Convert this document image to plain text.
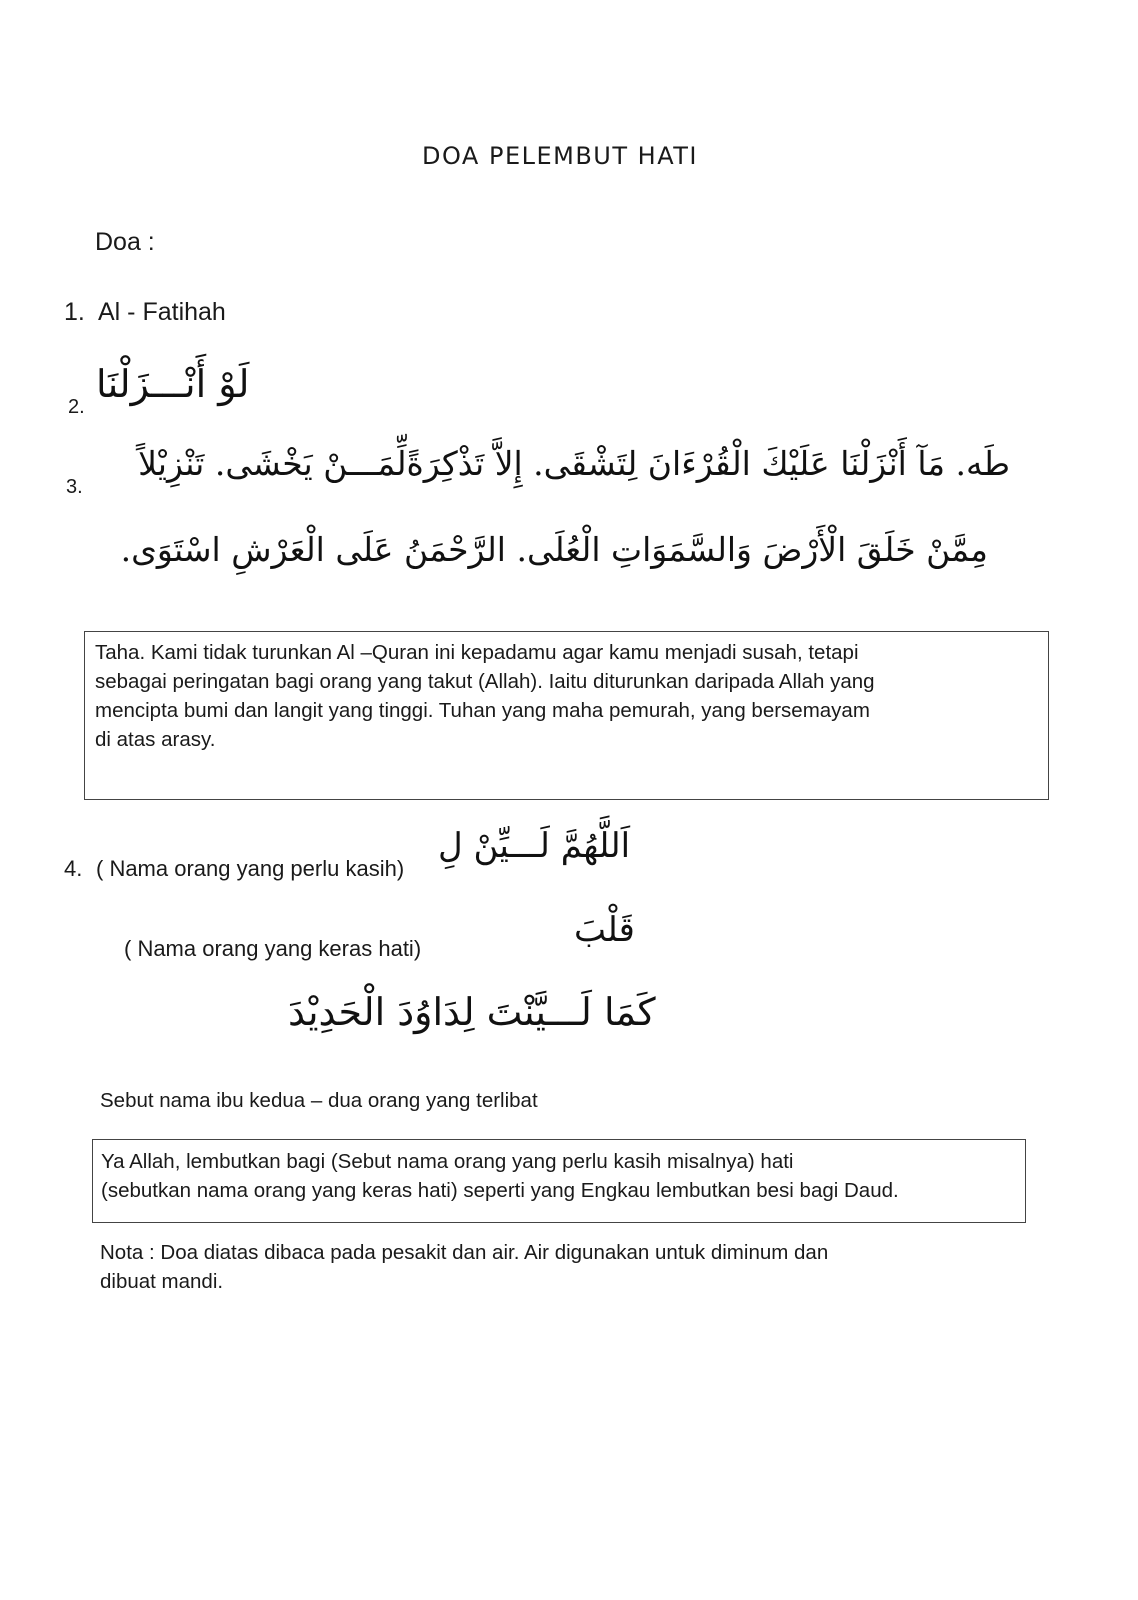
DOA PELEMBUT HATI
Doa :
1. Al - Fatihah
2.
لَوْ أَنْـــزَلْنَا
3.
طَه. مَآ أَنْزَلْنَا عَلَيْكَ الْقُرْءَانَ لِتَشْقَى. إِلاَّ تَذْكِرَةًلِّمَـــنْ يَخْشَى. تَنْزِيْلاً
مِمَّنْ خَلَقَ الْأَرْضَ وَالسَّمَوَاتِ الْعُلَى. الرَّحْمَنُ عَلَى الْعَرْشِ اسْتَوَى.

Taha. Kami tidak turunkan Al –Quran ini kepadamu agar kamu menjadi susah, tetapi

sebagai peringatan bagi orang yang takut (Allah). Iaitu diturunkan daripada Allah yang

mencipta bumi dan langit yang tinggi. Tuhan yang maha pemurah, yang bersemayam

di atas arasy.

4. ( Nama orang yang perlu kasih)
اَللَّهُمَّ لَـــيِّنْ لِ
( Nama orang yang keras hati)	قَلْبَ
كَمَا لَـــيَّنْتَ لِدَاوُدَ الْحَدِيْدَ
Sebut nama ibu kedua – dua orang yang terlibat

Ya Allah, lembutkan bagi (Sebut nama orang yang perlu kasih misalnya) hati

(sebutkan nama orang yang keras hati) seperti yang Engkau lembutkan besi bagi Daud.

Nota : Doa diatas dibaca pada pesakit dan air. Air digunakan untuk diminum dan
dibuat mandi.
